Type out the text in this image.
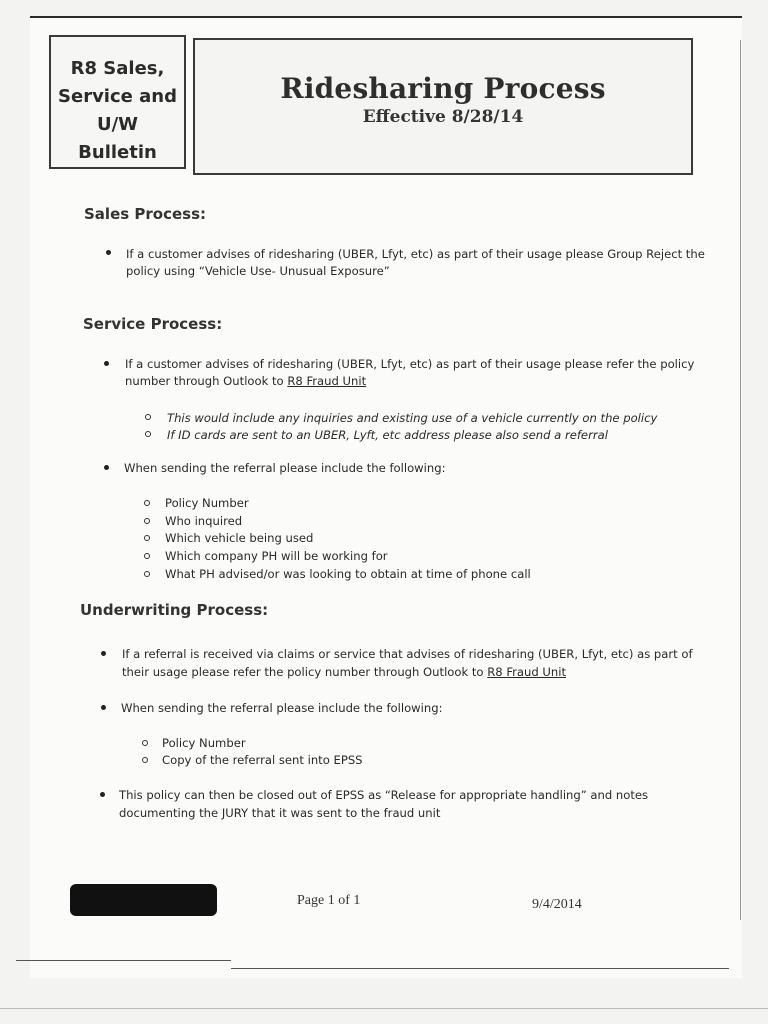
R8 Sales,
Service and
U/W
Bulletin
Ridesharing Process
Effective 8/28/14
Sales Process:
If a customer advises of ridesharing (UBER, Lfyt, etc) as part of their usage please Group Reject the
policy using “Vehicle Use- Unusual Exposure”
Service Process:
If a customer advises of ridesharing (UBER, Lfyt, etc) as part of their usage please refer the policy
number through Outlook to R8 Fraud Unit
This would include any inquiries and existing use of a vehicle currently on the policy
If ID cards are sent to an UBER, Lyft, etc address please also send a referral
When sending the referral please include the following:
Policy Number
Who inquired
Which vehicle being used
Which company PH will be working for
What PH advised/or was looking to obtain at time of phone call
Underwriting Process:
If a referral is received via claims or service that advises of ridesharing (UBER, Lfyt, etc) as part of
their usage please refer the policy number through Outlook to R8 Fraud Unit
When sending the referral please include the following:
Policy Number
Copy of the referral sent into EPSS
This policy can then be closed out of EPSS as “Release for appropriate handling” and notes
documenting the JURY that it was sent to the fraud unit
Page 1 of 1	9/4/2014
